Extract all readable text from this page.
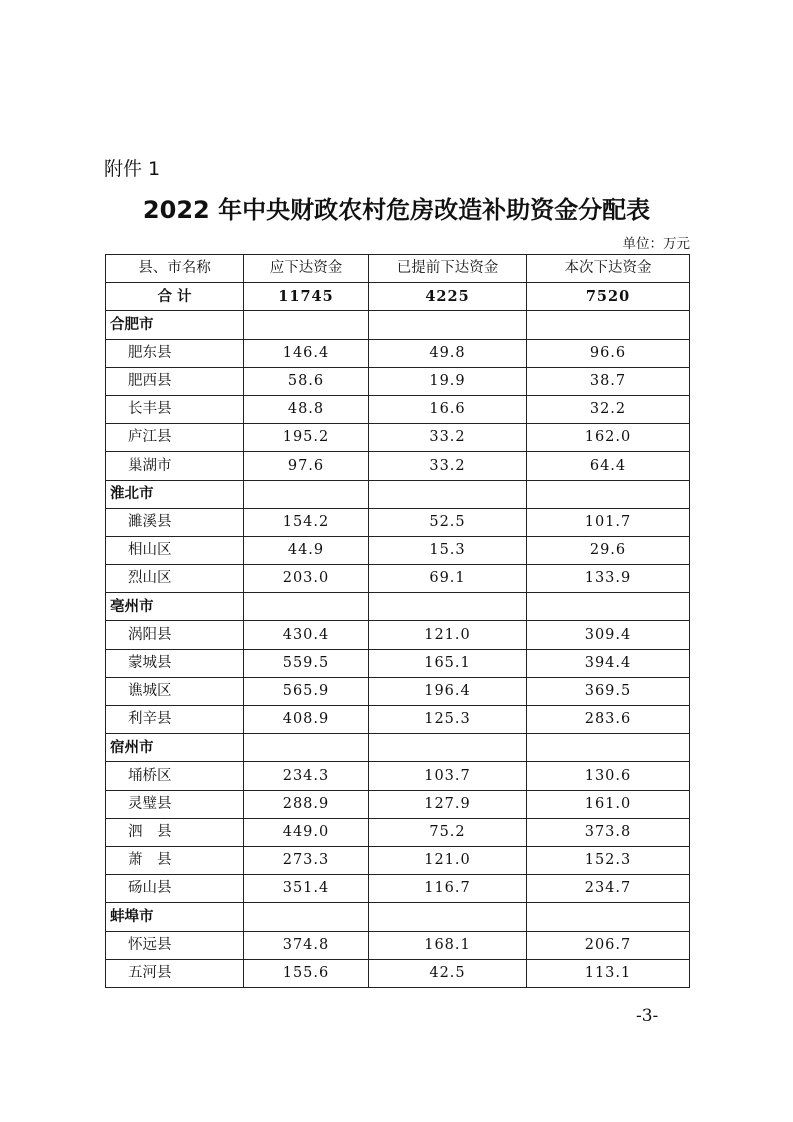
附件 1
2022 年中央财政农村危房改造补助资金分配表
单位：万元
县、市名称	应下达资金	已提前下达资金	本次下达资金
合 计	11745	4225	7520
合肥市			
肥东县	146.4	49.8	96.6
肥西县	58.6	19.9	38.7
长丰县	48.8	16.6	32.2
庐江县	195.2	33.2	162.0
巢湖市	97.6	33.2	64.4
淮北市			
濉溪县	154.2	52.5	101.7
相山区	44.9	15.3	29.6
烈山区	203.0	69.1	133.9
亳州市			
涡阳县	430.4	121.0	309.4
蒙城县	559.5	165.1	394.4
谯城区	565.9	196.4	369.5
利辛县	408.9	125.3	283.6
宿州市			
埇桥区	234.3	103.7	130.6
灵璧县	288.9	127.9	161.0
泗　县	449.0	75.2	373.8
萧　县	273.3	121.0	152.3
砀山县	351.4	116.7	234.7
蚌埠市			
怀远县	374.8	168.1	206.7
五河县	155.6	42.5	113.1
-3-
